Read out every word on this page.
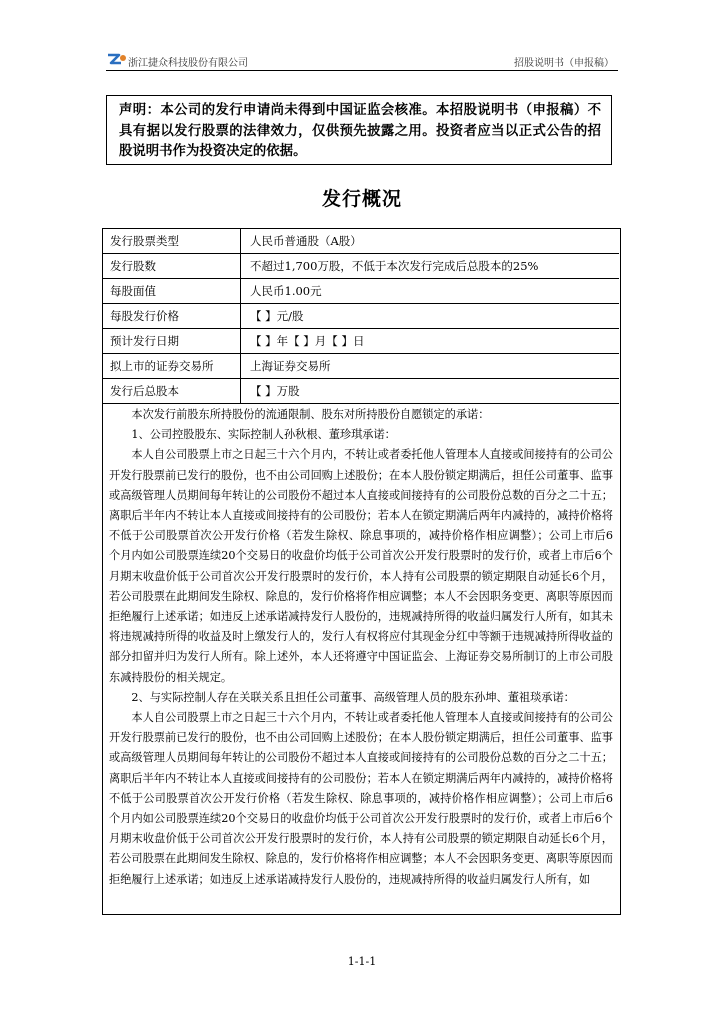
浙江捷众科技股份有限公司	招股说明书（申报稿）
声明：本公司的发行申请尚未得到中国证监会核准。本招股说明书（申报稿）不具有据以发行股票的法律效力，仅供预先披露之用。投资者应当以正式公告的招股说明书作为投资决定的依据。
发行概况
发行股票类型	人民币普通股（A股）
发行股数	不超过1,700万股，不低于本次发行完成后总股本的25%
每股面值	人民币1.00元
每股发行价格	【 】元/股
预计发行日期	【 】年【 】月【 】日
拟上市的证券交易所	上海证券交易所
发行后总股本	【 】万股

本次发行前股东所持股份的流通限制、股东对所持股份自愿锁定的承诺：

1、公司控股股东、实际控制人孙秋根、董珍琪承诺：

本人自公司股票上市之日起三十六个月内，不转让或者委托他人管理本人直接或间接持有的公司公开发行股票前已发行的股份，也不由公司回购上述股份；在本人股份锁定期满后，担任公司董事、监事或高级管理人员期间每年转让的公司股份不超过本人直接或间接持有的公司股份总数的百分之二十五；离职后半年内不转让本人直接或间接持有的公司股份；若本人在锁定期满后两年内减持的，减持价格将不低于公司股票首次公开发行价格（若发生除权、除息事项的，减持价格作相应调整）；公司上市后6个月内如公司股票连续20个交易日的收盘价均低于公司首次公开发行股票时的发行价，或者上市后6个月期末收盘价低于公司首次公开发行股票时的发行价，本人持有公司股票的锁定期限自动延长6个月，若公司股票在此期间发生除权、除息的，发行价格将作相应调整；本人不会因职务变更、离职等原因而拒绝履行上述承诺；如违反上述承诺减持发行人股份的，违规减持所得的收益归属发行人所有，如其未将违规减持所得的收益及时上缴发行人的，发行人有权将应付其现金分红中等额于违规减持所得收益的部分扣留并归为发行人所有。除上述外，本人还将遵守中国证监会、上海证券交易所制订的上市公司股东减持股份的相关规定。

2、与实际控制人存在关联关系且担任公司董事、高级管理人员的股东孙坤、董祖琰承诺：

本人自公司股票上市之日起三十六个月内，不转让或者委托他人管理本人直接或间接持有的公司公开发行股票前已发行的股份，也不由公司回购上述股份；在本人股份锁定期满后，担任公司董事、监事或高级管理人员期间每年转让的公司股份不超过本人直接或间接持有的公司股份总数的百分之二十五；离职后半年内不转让本人直接或间接持有的公司股份；若本人在锁定期满后两年内减持的，减持价格将不低于公司股票首次公开发行价格（若发生除权、除息事项的，减持价格作相应调整）；公司上市后6个月内如公司股票连续20个交易日的收盘价均低于公司首次公开发行股票时的发行价，或者上市后6个月期末收盘价低于公司首次公开发行股票时的发行价，本人持有公司股票的锁定期限自动延长6个月，若公司股票在此期间发生除权、除息的，发行价格将作相应调整；本人不会因职务变更、离职等原因而拒绝履行上述承诺；如违反上述承诺减持发行人股份的，违规减持所得的收益归属发行人所有，如

1-1-1
